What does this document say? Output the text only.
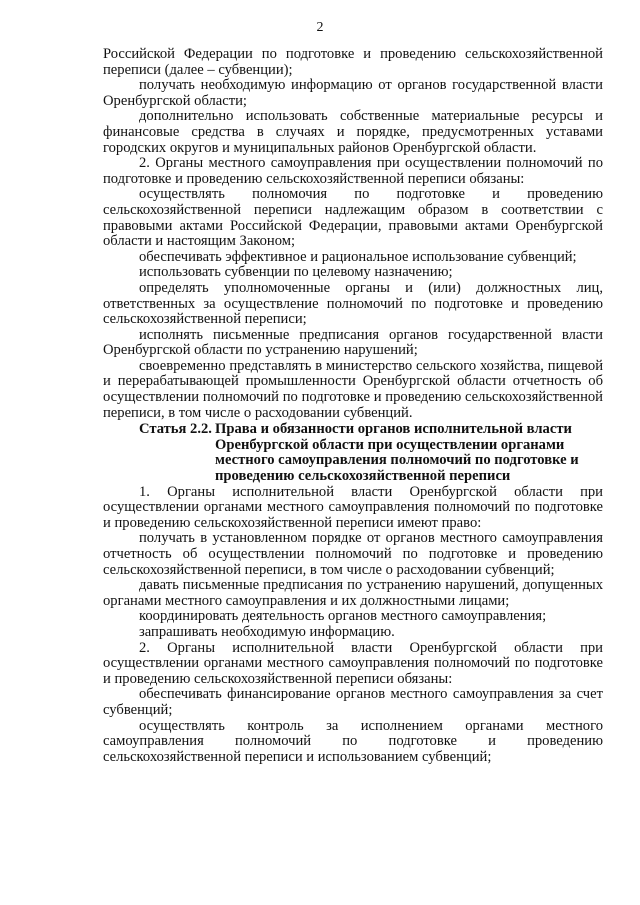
2

Российской Федерации по подготовке и проведению сельскохозяйственной переписи (далее – субвенции);

получать необходимую информацию от органов государственной власти Оренбургской области;

дополнительно использовать собственные материальные ресурсы и финансовые средства в случаях и порядке, предусмотренных уставами городских округов и муниципальных районов Оренбургской области.

2. Органы местного самоуправления при осуществлении полномочий по подготовке и проведению сельскохозяйственной переписи обязаны:

осуществлять полномочия по подготовке и проведению сельскохозяйственной переписи надлежащим образом в соответствии с правовыми актами Российской Федерации, правовыми актами Оренбургской области и настоящим Законом;

обеспечивать эффективное и рациональное использование субвенций;

использовать субвенции по целевому назначению;

определять уполномоченные органы и (или) должностных лиц, ответственных за осуществление полномочий по подготовке и проведению сельскохозяйственной переписи;

исполнять письменные предписания органов государственной власти Оренбургской области по устранению нарушений;

своевременно представлять в министерство сельского хозяйства, пищевой и перерабатывающей промышленности Оренбургской области отчетность об осуществлении полномочий по подготовке и проведению сельскохозяйственной переписи, в том числе о расходовании субвенций.

Статья 2.2. Права и обязанности органов исполнительной власти Оренбургской области при осуществлении органами местного самоуправления полномочий по подготовке и проведению сельскохозяйственной переписи

1. Органы исполнительной власти Оренбургской области при осуществлении органами местного самоуправления полномочий по подготовке и проведению сельскохозяйственной переписи имеют право:

получать в установленном порядке от органов местного самоуправления отчетность об осуществлении полномочий по подготовке и проведению сельскохозяйственной переписи, в том числе о расходовании субвенций;

давать письменные предписания по устранению нарушений, допущенных органами местного самоуправления и их должностными лицами;

координировать деятельность органов местного самоуправления;

запрашивать необходимую информацию.

2. Органы исполнительной власти Оренбургской области при осуществлении органами местного самоуправления полномочий по подготовке и проведению сельскохозяйственной переписи обязаны:

обеспечивать финансирование органов местного самоуправления за счет субвенций;

осуществлять контроль за исполнением органами местного самоуправления полномочий по подготовке и проведению сельскохозяйственной переписи и использованием субвенций;
